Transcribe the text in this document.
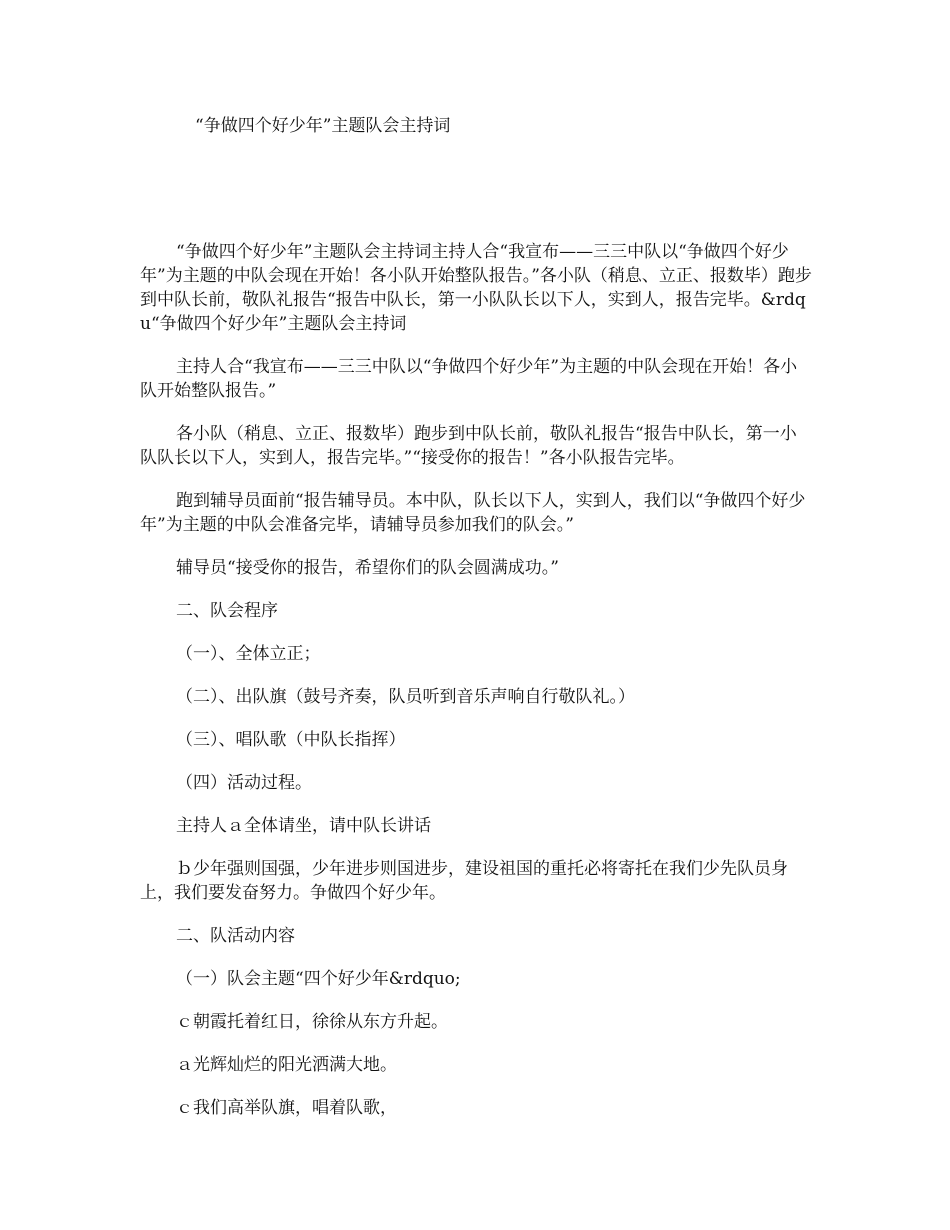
“争做四个好少年”主题队会主持词

“争做四个好少年”主题队会主持词主持人合“我宣布——三三中队以“争做四个好少年”为主题的中队会现在开始！各小队开始整队报告。”各小队（稍息、立正、报数毕）跑步到中队长前，敬队礼报告“报告中队长，第一小队队长以下人，实到人，报告完毕。&rdqu“争做四个好少年”主题队会主持词

主持人合“我宣布——三三中队以“争做四个好少年”为主题的中队会现在开始！各小队开始整队报告。”

各小队（稍息、立正、报数毕）跑步到中队长前，敬队礼报告“报告中队长，第一小队队长以下人，实到人，报告完毕。”“接受你的报告！”各小队报告完毕。

跑到辅导员面前“报告辅导员。本中队，队长以下人，实到人，我们以“争做四个好少年”为主题的中队会准备完毕，请辅导员参加我们的队会。”

辅导员“接受你的报告，希望你们的队会圆满成功。”

二、队会程序

（一）、全体立正；

（二）、出队旗（鼓号齐奏，队员听到音乐声响自行敬队礼。）

（三）、唱队歌（中队长指挥）

（四）活动过程。

主持人ａ全体请坐，请中队长讲话

ｂ少年强则国强，少年进步则国进步，建设祖国的重托必将寄托在我们少先队员身上，我们要发奋努力。争做四个好少年。

二、队活动内容

（一）队会主题“四个好少年&rdquo;

ｃ朝霞托着红日，徐徐从东方升起。

ａ光辉灿烂的阳光洒满大地。

ｃ我们高举队旗，唱着队歌，
